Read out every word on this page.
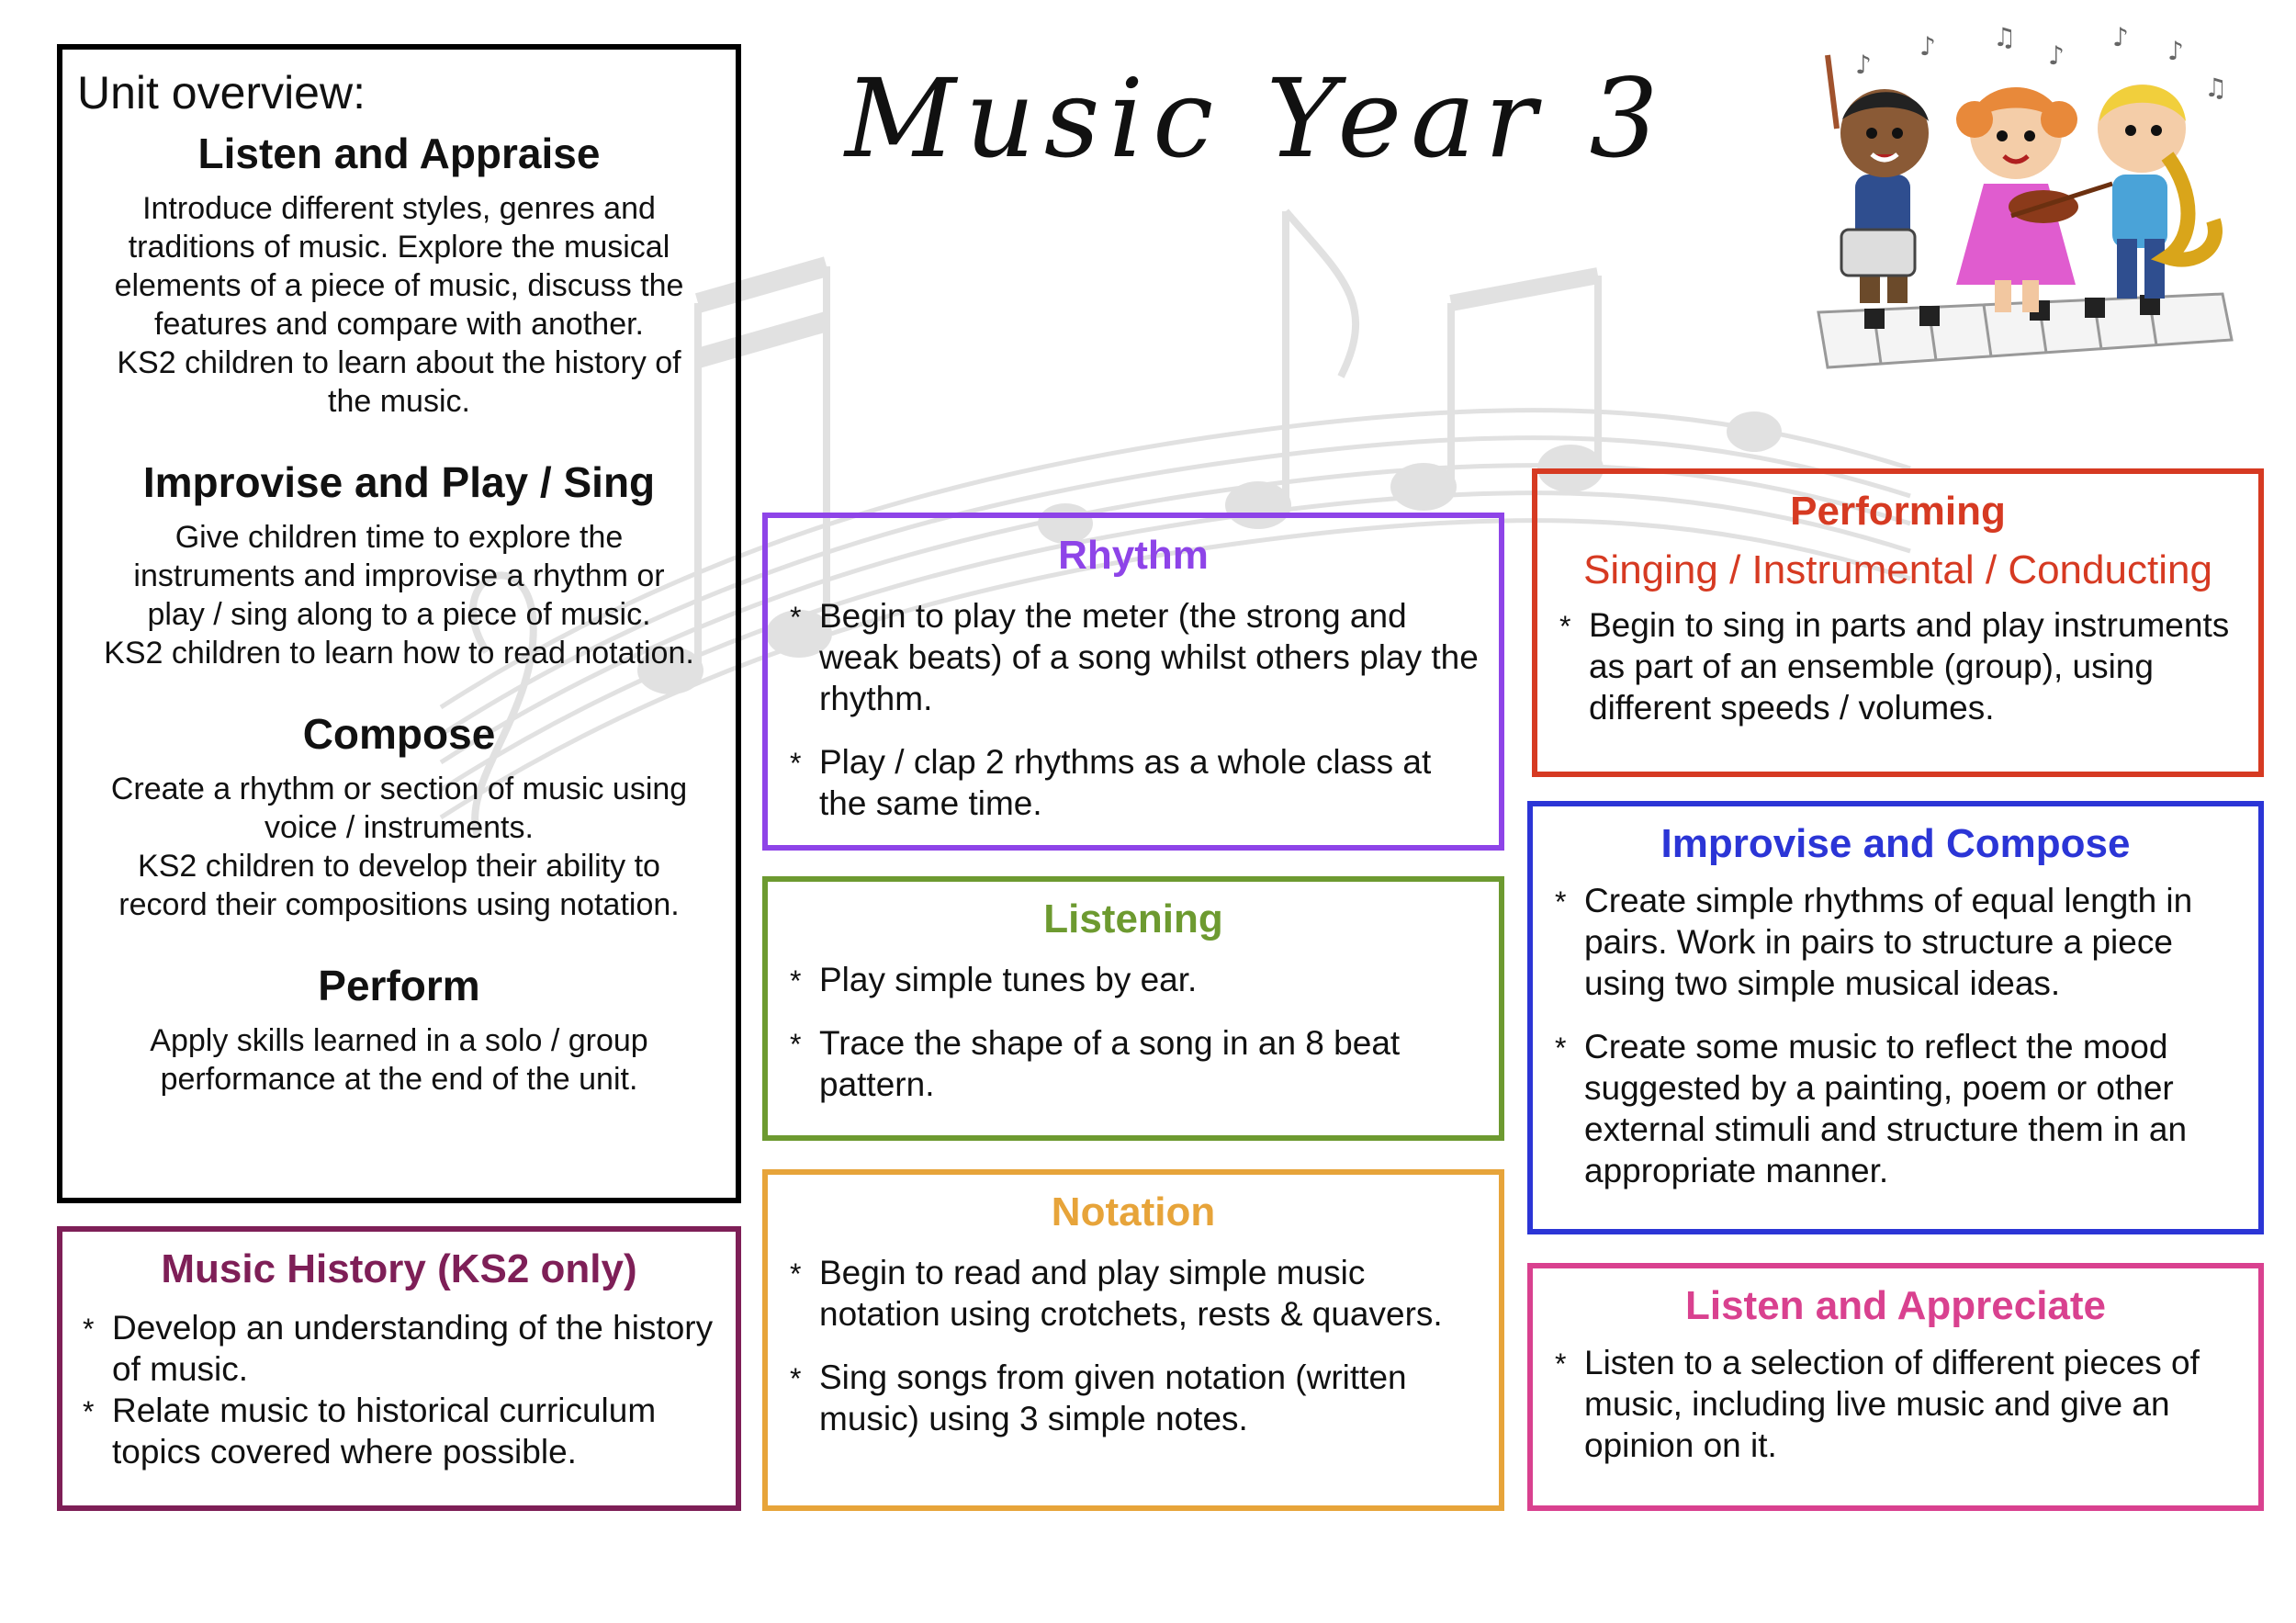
Music Year 3	♪
♪ ♫
♪
♪ ♪
♫
Unit overview:
Listen and Appraise
Introduce different styles, genres and
traditions of music. Explore the musical
elements of a piece of music, discuss the
features and compare with another.
KS2 children to learn about the history of
the music.
Improvise and Play / Sing
Give children time to explore the
instruments and improvise a rhythm or
play / sing along to a piece of music.
KS2 children to learn how to read notation.
Compose
Create a rhythm or section of music using
voice / instruments.
KS2 children to develop their ability to
record their compositions using notation.
Perform
Apply skills learned in a solo / group
performance at the end of the unit.
Rhythm
* Begin to play the meter (the strong and weak beats) of a song whilst others play the rhythm.
* Play / clap 2 rhythms as a whole class at the same time.
Listening
* Play simple tunes by ear.
* Trace the shape of a song in an 8 beat pattern.
Notation
* Begin to read and play simple music notation using crotchets, rests & quavers.
* Sing songs from given notation (written music) using 3 simple notes.
Performing
Singing / Instrumental / Conducting
* Begin to sing in parts and play instruments as part of an ensemble (group), using different speeds / volumes.
Improvise and Compose
* Create simple rhythms of equal length in pairs. Work in pairs to structure a piece using two simple musical ideas.
* Create some music to reflect the mood suggested by a painting, poem or other external stimuli and structure them in an appropriate manner.
Listen and Appreciate
* Listen to a selection of different pieces of music, including live music and give an opinion on it.
Music History (KS2 only)
* Develop an understanding of the history of music.
* Relate music to historical curriculum topics covered where possible.
